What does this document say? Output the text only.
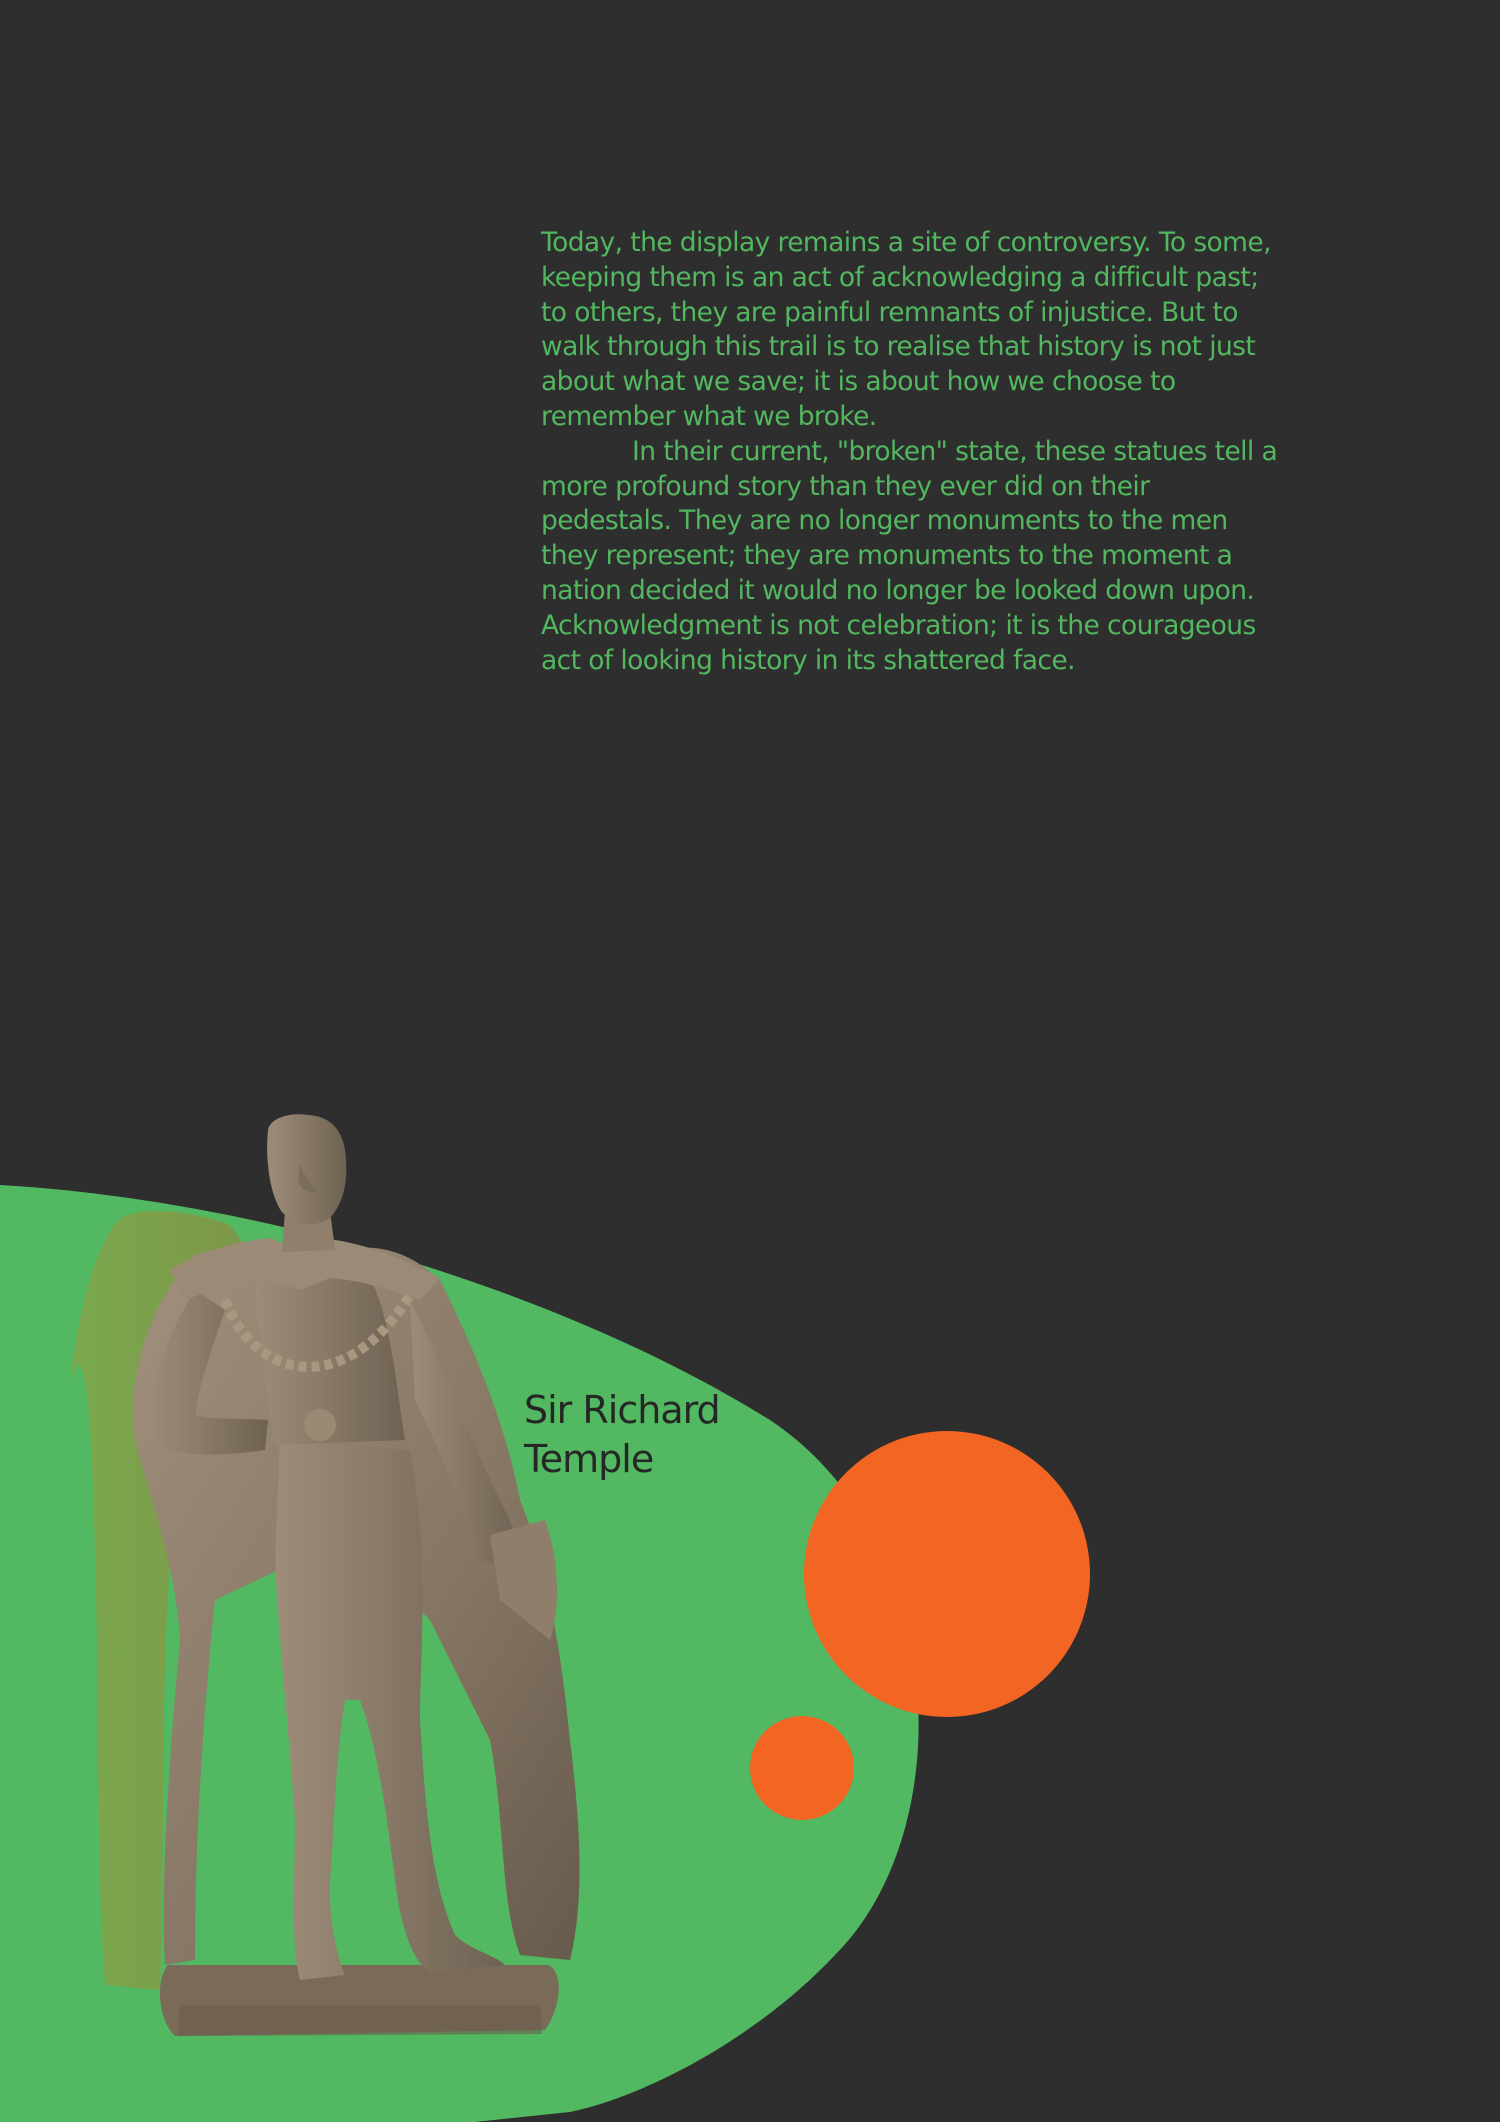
Today, the display remains a site of controversy. To some, keeping them is an act of acknowledging a difficult past; to others, they are painful remnants of injustice. But to walk through this trail is to realise that history is not just about what we save; it is about how we choose to remember what we broke.

In their current, "broken" state, these statues tell a more profound story than they ever did on their pedestals. They are no longer monuments to the men they represent; they are monuments to the moment a nation decided it would no longer be looked down upon. Acknowledgment is not celebration; it is the courageous act of looking history in its shattered face.

Sir Richard
Temple
